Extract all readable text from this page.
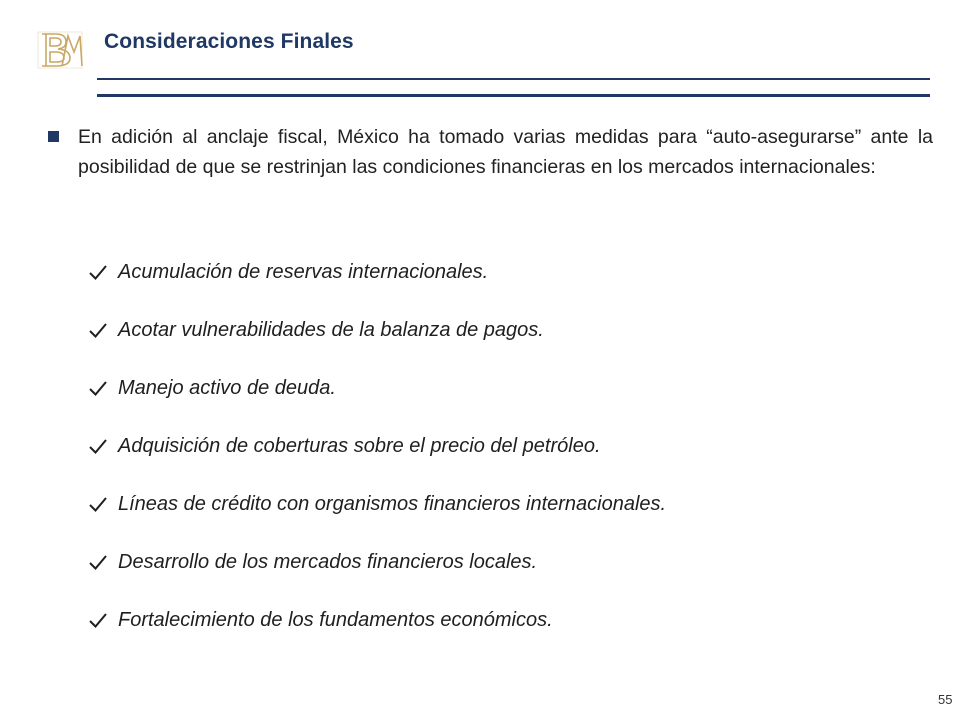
Consideraciones Finales
En adición al anclaje fiscal, México ha tomado varias medidas para “auto-asegurarse” ante la posibilidad de que se restrinjan las condiciones financieras en los mercados internacionales:
Acumulación de reservas internacionales.
Acotar vulnerabilidades de la balanza de pagos.
Manejo activo de deuda.
Adquisición de coberturas sobre el precio del petróleo.
Líneas de crédito con organismos financieros internacionales.
Desarrollo de los mercados financieros locales.
Fortalecimiento de los fundamentos económicos.
55
